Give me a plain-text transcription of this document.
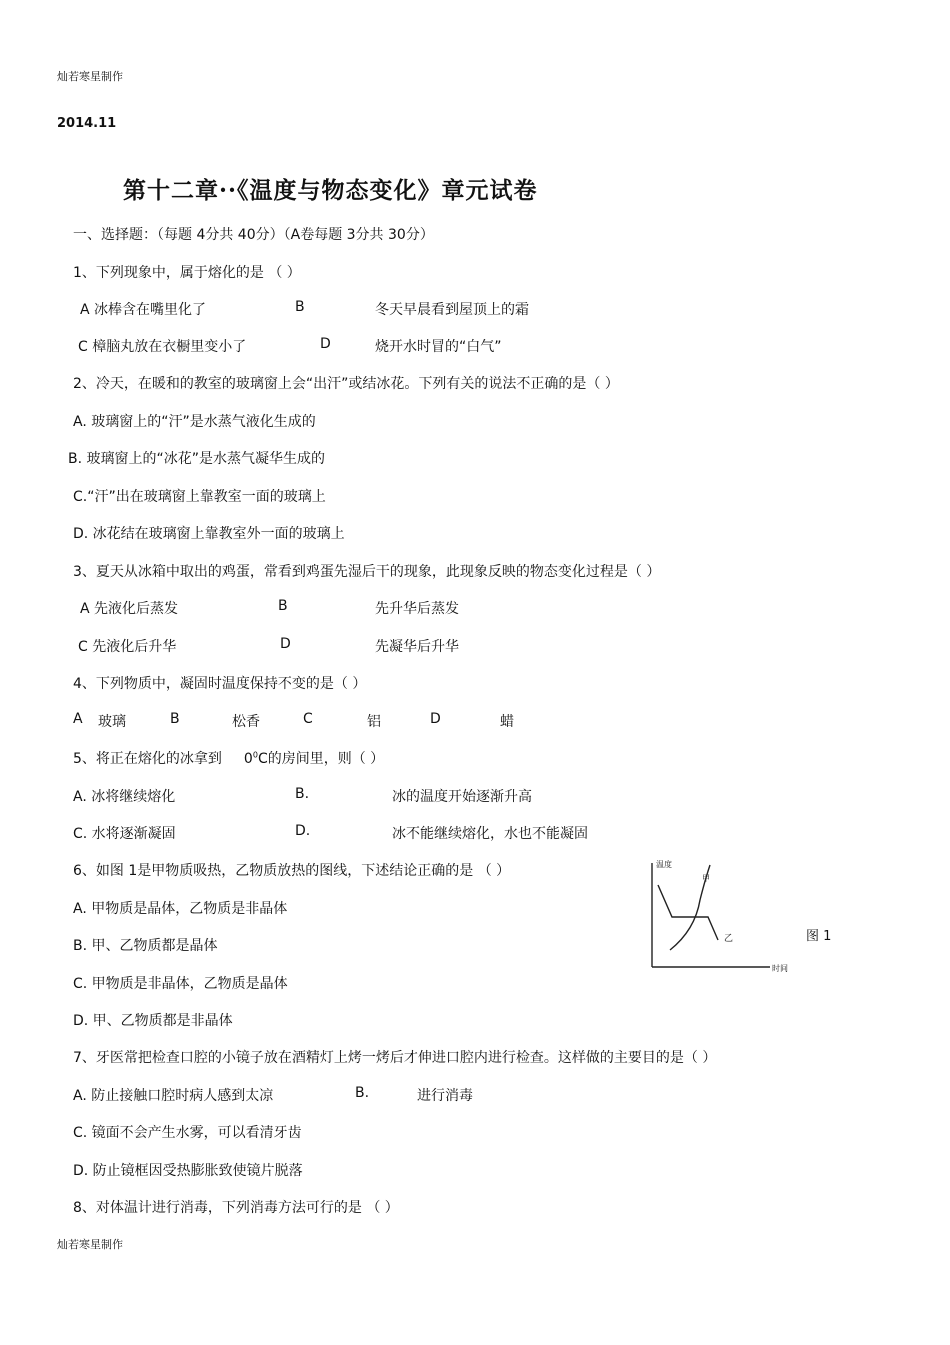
灿若寒星制作
2014.11
第十二章··《温度与物态变化》章元试卷
一、选择题：（每题 4分共 40分）（A卷每题 3分共 30分）
1、下列现象中，属于熔化的是 （ ）
A 冰棒含在嘴里化了	B	冬天早晨看到屋顶上的霜
C 樟脑丸放在衣橱里变小了	D	烧开水时冒的“白气”
2、冷天，在暖和的教室的玻璃窗上会“出汗”或结冰花。下列有关的说法不正确的是（ ）
A. 玻璃窗上的“汗”是水蒸气液化生成的
B. 玻璃窗上的“冰花”是水蒸气凝华生成的
C.“汗”出在玻璃窗上靠教室一面的玻璃上
D. 冰花结在玻璃窗上靠教室外一面的玻璃上
3、夏天从冰箱中取出的鸡蛋，常看到鸡蛋先湿后干的现象，此现象反映的物态变化过程是（ ）
A 先液化后蒸发	B	先升华后蒸发
C 先液化后升华	D	先凝华后升华
4、下列物质中，凝固时温度保持不变的是（ ）
A 玻璃	B	松香	C	铝	D	蜡
5、将正在熔化的冰拿到 $0^0C$的房间里，则（ ）
A. 冰将继续熔化	B.	冰的温度开始逐渐升高
C. 水将逐渐凝固	D.	冰不能继续熔化，水也不能凝固
6、如图 1是甲物质吸热，乙物质放热的图线，下述结论正确的是 （ ）
A. 甲物质是晶体，乙物质是非晶体
B. 甲、乙物质都是晶体
C. 甲物质是非晶体，乙物质是晶体
D. 甲、乙物质都是非晶体
温度
时间
甲
乙	图 1
7、牙医常把检查口腔的小镜子放在酒精灯上烤一烤后才伸进口腔内进行检查。这样做的主要目的是（ ）
A. 防止接触口腔时病人感到太凉	B.	进行消毒
C. 镜面不会产生水雾，可以看清牙齿
D. 防止镜框因受热膨胀致使镜片脱落
8、对体温计进行消毒，下列消毒方法可行的是 （ ）
灿若寒星制作
